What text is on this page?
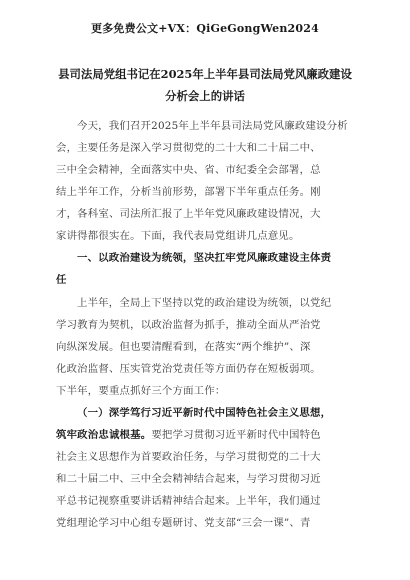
更多免费公文+VX：QiGeGongWen2024
县司法局党组书记在2025年上半年县司法局党风廉政建设
分析会上的讲话
今天，我们召开2025年上半年县司法局党风廉政建设分析
会，主要任务是深入学习贯彻党的二十大和二十届二中、
三中全会精神，全面落实中央、省、市纪委全会部署，总
结上半年工作，分析当前形势，部署下半年重点任务。刚
才，各科室、司法所汇报了上半年党风廉政建设情况，大
家讲得都很实在。下面，我代表局党组讲几点意见。
一、以政治建设为统领，坚决扛牢党风廉政建设主体责
任
上半年，全局上下坚持以党的政治建设为统领，以党纪
学习教育为契机，以政治监督为抓手，推动全面从严治党
向纵深发展。但也要清醒看到，在落实“两个维护”、深
化政治监督、压实管党治党责任等方面仍存在短板弱项。
下半年，要重点抓好三个方面工作：
（一）深学笃行习近平新时代中国特色社会主义思想，
筑牢政治忠诚根基。要把学习贯彻习近平新时代中国特色
社会主义思想作为首要政治任务，与学习贯彻党的二十大
和二十届二中、三中全会精神结合起来，与学习贯彻习近
平总书记视察重要讲话精神结合起来。上半年，我们通过
党组理论学习中心组专题研讨、党支部“三会一课”、青
